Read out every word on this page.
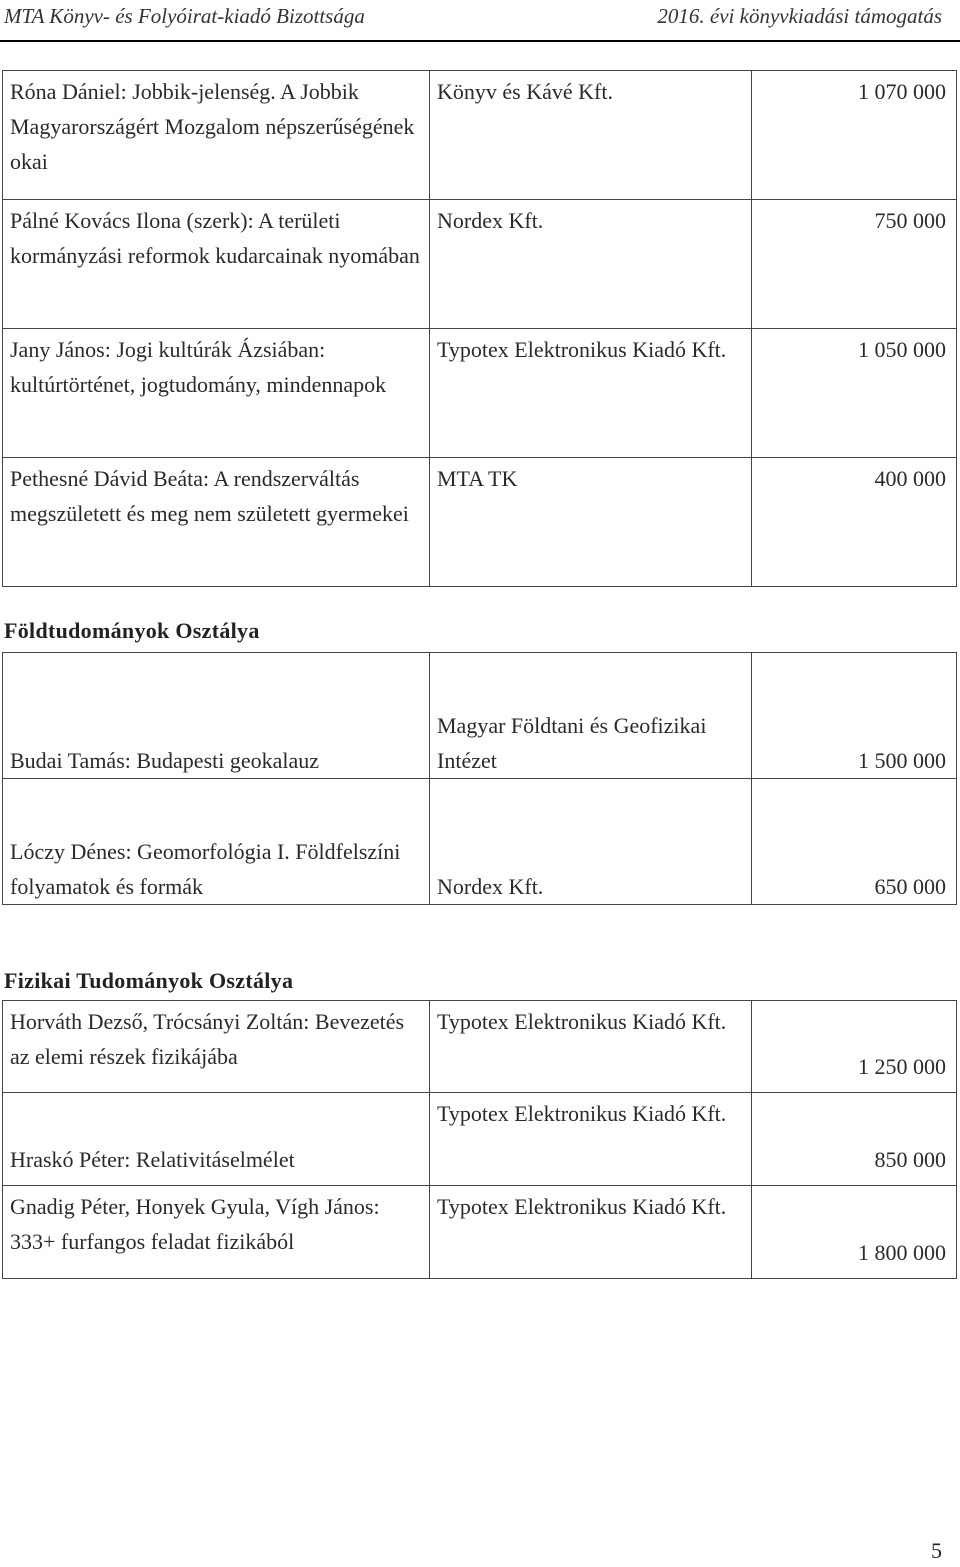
MTA Könyv- és Folyóirat-kiadó Bizottsága	2016. évi könyvkiadási támogatás
Róna Dániel: Jobbik-jelenség. A Jobbik Magyarországért Mozgalom népszerűségének okai	Könyv és Kávé Kft.	1 070 000
Pálné Kovács Ilona (szerk): A területi kormányzási reformok kudarcainak nyomában	Nordex Kft.	750 000
Jany János: Jogi kultúrák Ázsiában: kultúrtörténet, jogtudomány, mindennapok	Typotex Elektronikus Kiadó Kft.	1 050 000
Pethesné Dávid Beáta: A rendszerváltás megszületett és meg nem született gyermekei	MTA TK	400 000
Földtudományok Osztálya
Budai Tamás: Budapesti geokalauz	Magyar Földtani és Geofizikai Intézet	1 500 000
Lóczy Dénes: Geomorfológia I. Földfelszíni folyamatok és formák	Nordex Kft.	650 000
Fizikai Tudományok Osztálya
Horváth Dezső, Trócsányi Zoltán: Bevezetés az elemi részek fizikájába	Typotex Elektronikus Kiadó Kft.	1 250 000
Hraskó Péter: Relativitáselmélet	Typotex Elektronikus Kiadó Kft.	850 000
Gnadig Péter, Honyek Gyula, Vígh János: 333+ furfangos feladat fizikából	Typotex Elektronikus Kiadó Kft.	1 800 000
5
